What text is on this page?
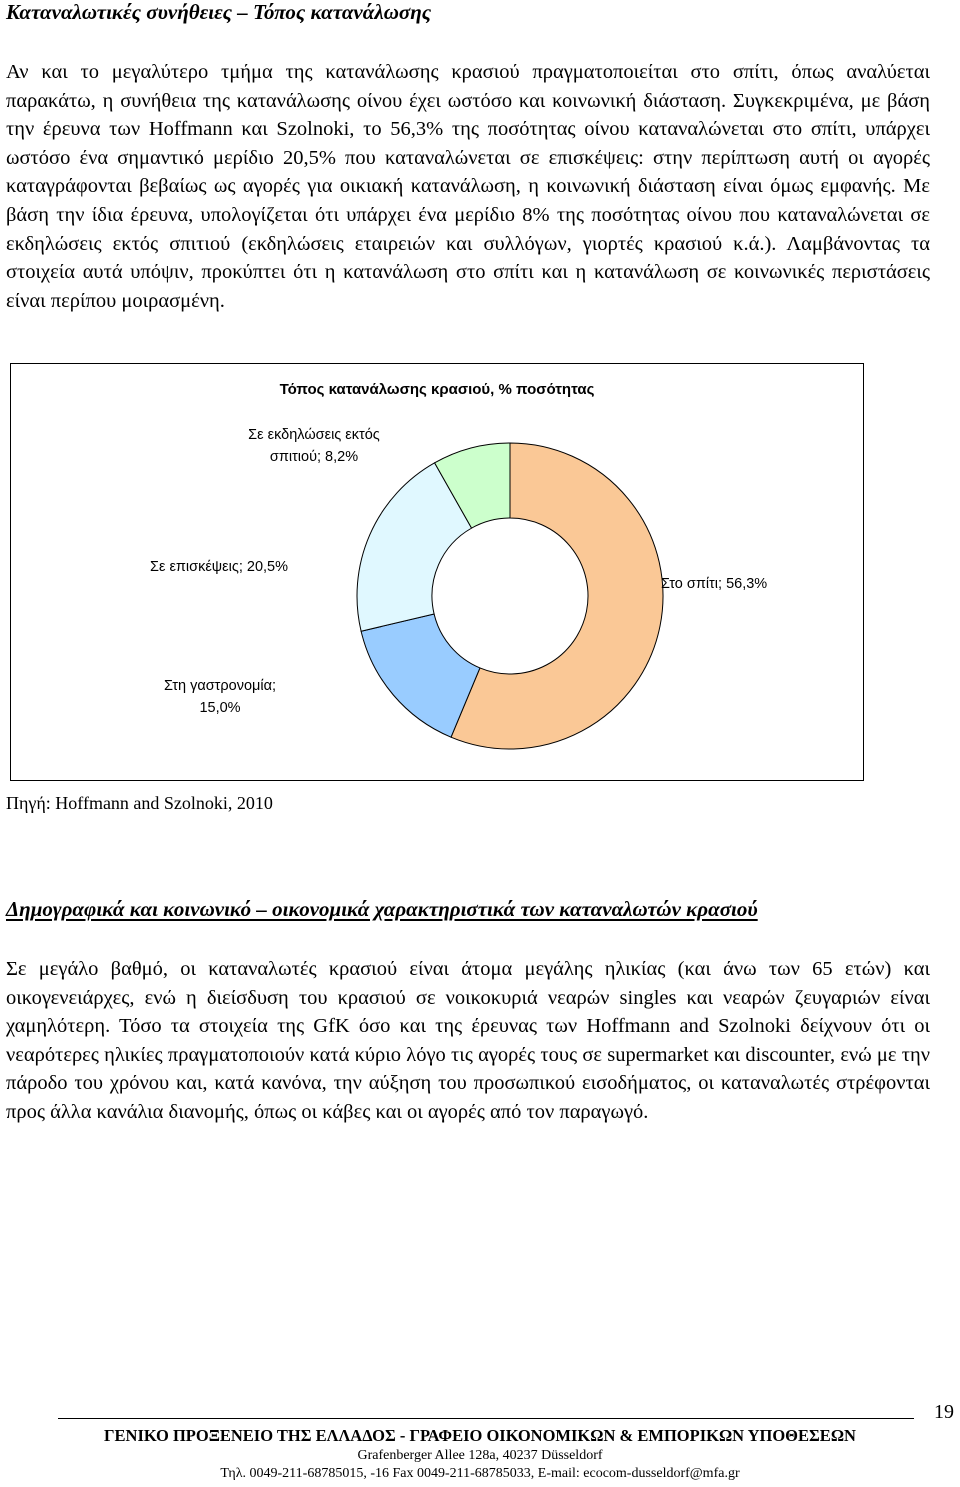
Καταναλωτικές συνήθειες – Τόπος κατανάλωσης

Αν και το μεγαλύτερο τμήμα της κατανάλωσης κρασιού πραγματοποιείται στο σπίτι, όπως αναλύεται παρακάτω, η συνήθεια της κατανάλωσης οίνου έχει ωστόσο και κοινωνική διάσταση. Συγκεκριμένα, με βάση την έρευνα των Hoffmann και Szolnoki, το 56,3% της ποσότητας οίνου καταναλώνεται στο σπίτι, υπάρχει ωστόσο ένα σημαντικό μερίδιο 20,5% που καταναλώνεται σε επισκέψεις: στην περίπτωση αυτή οι αγορές καταγράφονται βεβαίως ως αγορές για οικιακή κατανάλωση, η κοινωνική διάσταση είναι όμως εμφανής. Με βάση την ίδια έρευνα, υπολογίζεται ότι υπάρχει ένα μερίδιο 8% της ποσότητας οίνου που καταναλώνεται σε εκδηλώσεις εκτός σπιτιού (εκδηλώσεις εταιρειών και συλλόγων, γιορτές κρασιού κ.ά.). Λαμβάνοντας τα στοιχεία αυτά υπόψιν, προκύπτει ότι η κατανάλωση στο σπίτι και η κατανάλωση σε κοινωνικές περιστάσεις είναι περίπου μοιρασμένη.

Τόπος κατανάλωσης κρασιού, % ποσότητας
Στο σπίτι; 56,3%
Στη γαστρονομία; 15,0%
Σε επισκέψεις; 20,5%
Σε εκδηλώσεις εκτός σπιτιού; 8,2%

Πηγή: Hoffmann and Szolnoki, 2010

Δημογραφικά και κοινωνικό – οικονομικά χαρακτηριστικά των καταναλωτών κρασιού

Σε μεγάλο βαθμό, οι καταναλωτές κρασιού είναι άτομα μεγάλης ηλικίας (και άνω των 65 ετών) και οικογενειάρχες, ενώ η διείσδυση του κρασιού σε νοικοκυριά νεαρών singles και νεαρών ζευγαριών είναι χαμηλότερη. Τόσο τα στοιχεία της GfK όσο και της έρευνας των Hoffmann and Szolnoki δείχνουν ότι οι νεαρότερες ηλικίες πραγματοποιούν κατά κύριο λόγο τις αγορές τους σε supermarket και discounter, ενώ με την πάροδο του χρόνου και, κατά κανόνα, την αύξηση του προσωπικού εισοδήματος, οι καταναλωτές στρέφονται προς άλλα κανάλια διανομής, όπως οι κάβες και οι αγορές από τον παραγωγό.

19

ΓΕΝΙΚΟ ΠΡΟΞΕΝΕΙΟ ΤΗΣ ΕΛΛΑΔΟΣ - ΓΡΑΦΕΙΟ ΟΙΚΟΝΟΜΙΚΩΝ & ΕΜΠΟΡΙΚΩΝ ΥΠΟΘΕΣΕΩΝ

Grafenberger Allee 128a, 40237 Düsseldorf

Τηλ. 0049-211-68785015, -16 Fax 0049-211-68785033, E-mail: ecocom-dusseldorf@mfa.gr
